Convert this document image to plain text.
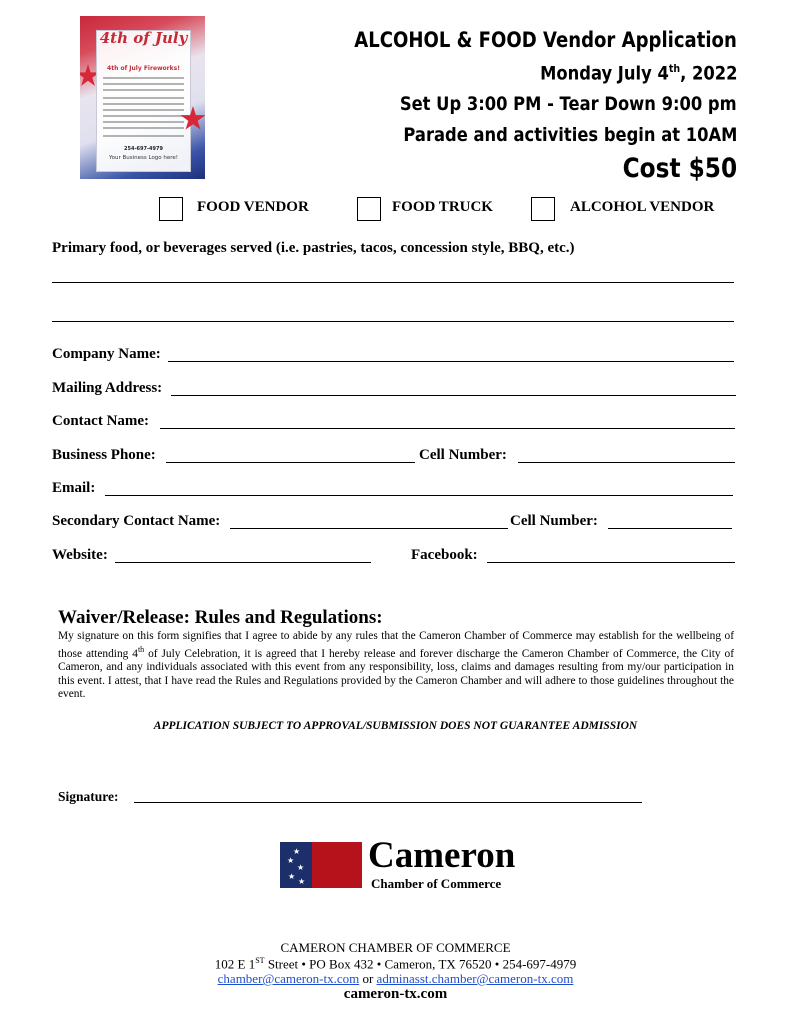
4th of July
4th of July Fireworks!
254-697-4979
Your Business Logo here!
ALCOHOL & FOOD Vendor Application
Monday July 4th, 2022
Set Up 3:00 PM - Tear Down 9:00 pm
Parade and activities begin at 10AM
Cost $50
FOOD VENDOR	FOOD TRUCK	ALCOHOL VENDOR
Primary food, or beverages served (i.e. pastries, tacos, concession style, BBQ, etc.)
Company Name:
Mailing Address:
Contact Name:
Business Phone:	Cell Number:
Email:
Secondary Contact Name:	Cell Number:
Website:	Facebook:
Waiver/Release: Rules and Regulations:
My signature on this form signifies that I agree to abide by any rules that the Cameron Chamber of Commerce may establish for the wellbeing of those attending 4th of July Celebration, it is agreed that I hereby release and forever discharge the Cameron Chamber of Commerce, the City of Cameron, and any individuals associated with this event from any responsibility, loss, claims and damages resulting from my/our participation in this event. I attest, that I have read the Rules and Regulations provided by the Cameron Chamber and will adhere to those guidelines throughout the event.
APPLICATION SUBJECT TO APPROVAL/SUBMISSION DOES NOT GUARANTEE ADMISSION
Signature:
★
★
★
★
★
Cameron
Chamber of Commerce
CAMERON CHAMBER OF COMMERCE
102 E 1ST Street • PO Box 432 • Cameron, TX 76520 • 254-697-4979
chamber@cameron-tx.com or adminasst.chamber@cameron-tx.com
cameron-tx.com
